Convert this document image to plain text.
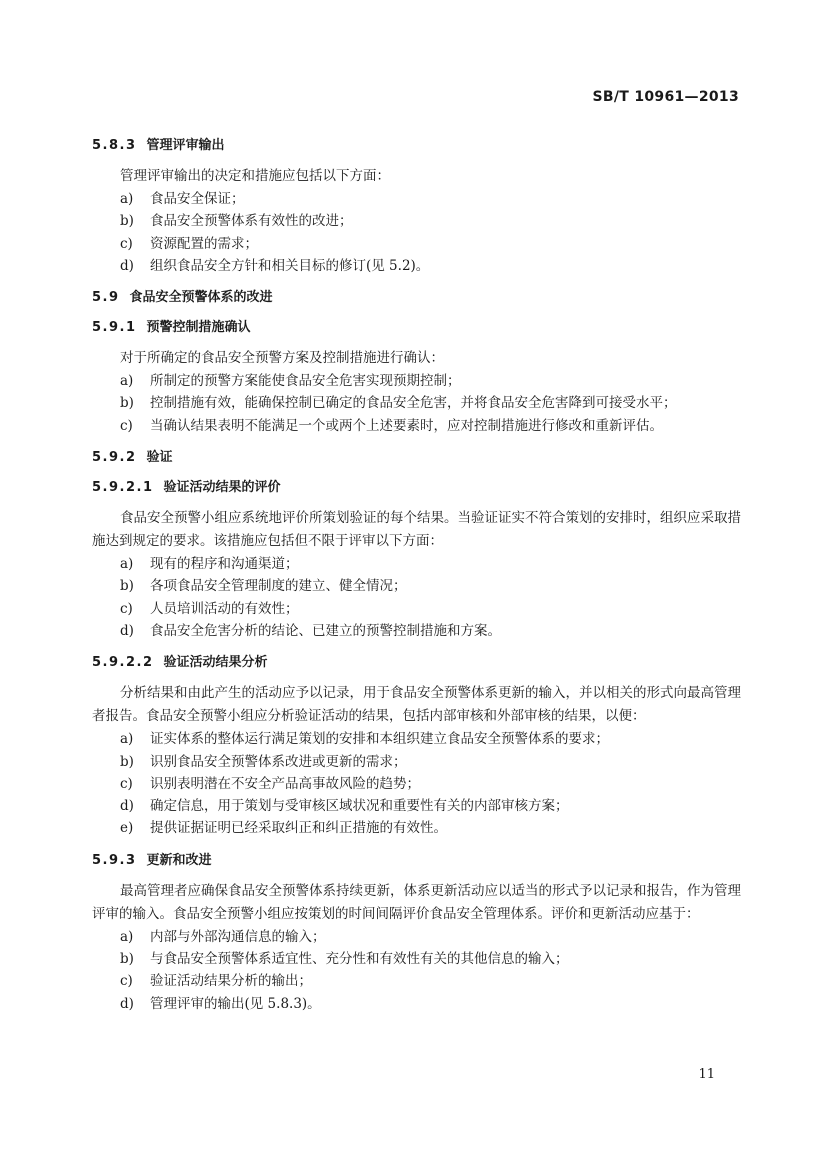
SB/T 10961—2013

5.8.3 管理评审输出

管理评审输出的决定和措施应包括以下方面：

a)	食品安全保证；
b)	食品安全预警体系有效性的改进；
c)	资源配置的需求；
d)	组织食品安全方针和相关目标的修订(见 5.2)。

5.9 食品安全预警体系的改进

5.9.1 预警控制措施确认

对于所确定的食品安全预警方案及控制措施进行确认：

a)	所制定的预警方案能使食品安全危害实现预期控制；
b)	控制措施有效，能确保控制已确定的食品安全危害，并将食品安全危害降到可接受水平；
c)	当确认结果表明不能满足一个或两个上述要素时，应对控制措施进行修改和重新评估。

5.9.2 验证

5.9.2.1 验证活动结果的评价

食品安全预警小组应系统地评价所策划验证的每个结果。当验证证实不符合策划的安排时，组织应采取措施达到规定的要求。该措施应包括但不限于评审以下方面：

a)	现有的程序和沟通渠道；
b)	各项食品安全管理制度的建立、健全情况；
c)	人员培训活动的有效性；
d)	食品安全危害分析的结论、已建立的预警控制措施和方案。

5.9.2.2 验证活动结果分析

分析结果和由此产生的活动应予以记录，用于食品安全预警体系更新的输入，并以相关的形式向最高管理者报告。食品安全预警小组应分析验证活动的结果，包括内部审核和外部审核的结果，以便：

a)	证实体系的整体运行满足策划的安排和本组织建立食品安全预警体系的要求；
b)	识别食品安全预警体系改进或更新的需求；
c)	识别表明潜在不安全产品高事故风险的趋势；
d)	确定信息，用于策划与受审核区域状况和重要性有关的内部审核方案；
e)	提供证据证明已经采取纠正和纠正措施的有效性。

5.9.3 更新和改进

最高管理者应确保食品安全预警体系持续更新，体系更新活动应以适当的形式予以记录和报告，作为管理评审的输入。食品安全预警小组应按策划的时间间隔评价食品安全管理体系。评价和更新活动应基于：

a)	内部与外部沟通信息的输入；
b)	与食品安全预警体系适宜性、充分性和有效性有关的其他信息的输入；
c)	验证活动结果分析的输出；
d)	管理评审的输出(见 5.8.3)。
11
